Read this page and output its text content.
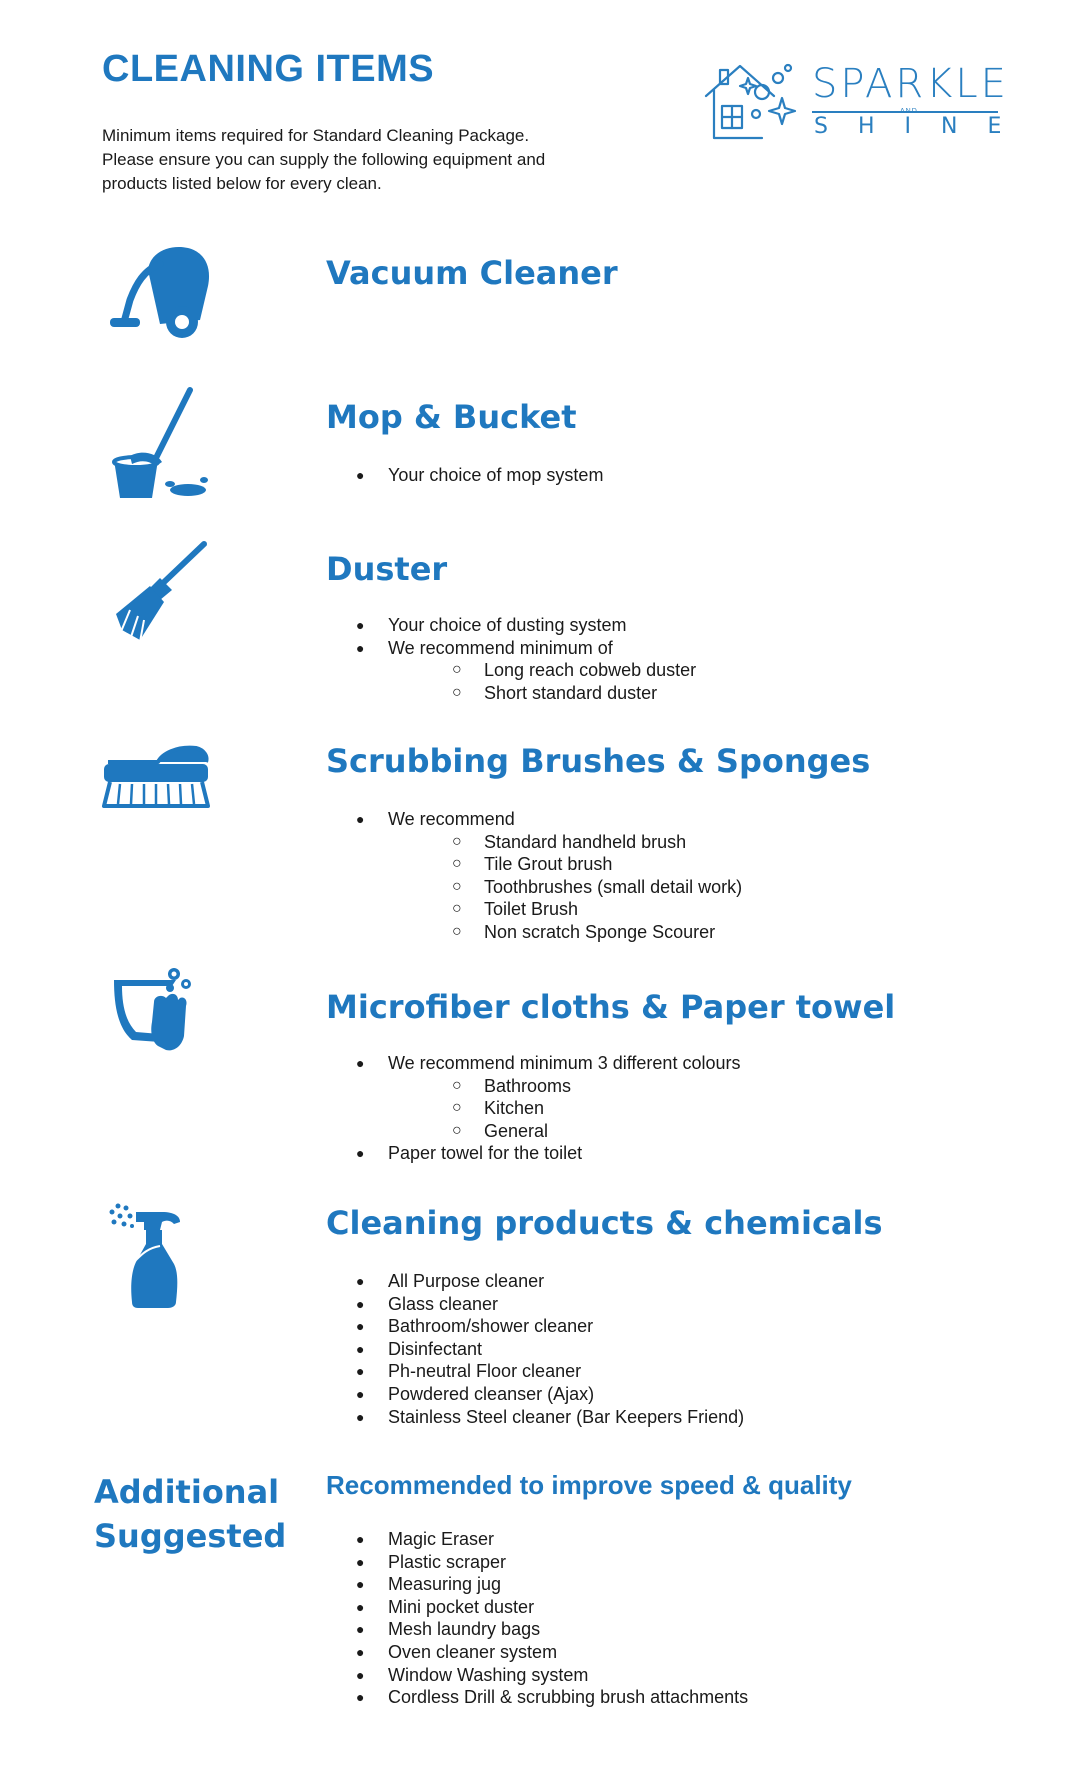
CLEANING ITEMS

Minimum items required for Standard Cleaning Package.

Please ensure you can supply the following equipment and

products listed below for every clean.

SPARKLE
AND
SHINE
Vacuum Cleaner
Mop & Bucket
● Your choice of mop system
Duster
● Your choice of dusting system
● We recommend minimum of
○ Long reach cobweb duster
○ Short standard duster
Scrubbing Brushes & Sponges
● We recommend
○ Standard handheld brush
○ Tile Grout brush
○ Toothbrushes (small detail work)
○ Toilet Brush
○ Non scratch Sponge Scourer
Microfiber cloths & Paper towel
● We recommend minimum 3 different colours
○ Bathrooms
○ Kitchen
○ General
● Paper towel for the toilet
Cleaning products & chemicals
● All Purpose cleaner
● Glass cleaner
● Bathroom/shower cleaner
● Disinfectant
● Ph-neutral Floor cleaner
● Powdered cleanser (Ajax)
● Stainless Steel cleaner (Bar Keepers Friend)
Additional
Suggested
Recommended to improve speed & quality
● Magic Eraser
● Plastic scraper
● Measuring jug
● Mini pocket duster
● Mesh laundry bags
● Oven cleaner system
● Window Washing system
● Cordless Drill & scrubbing brush attachments
